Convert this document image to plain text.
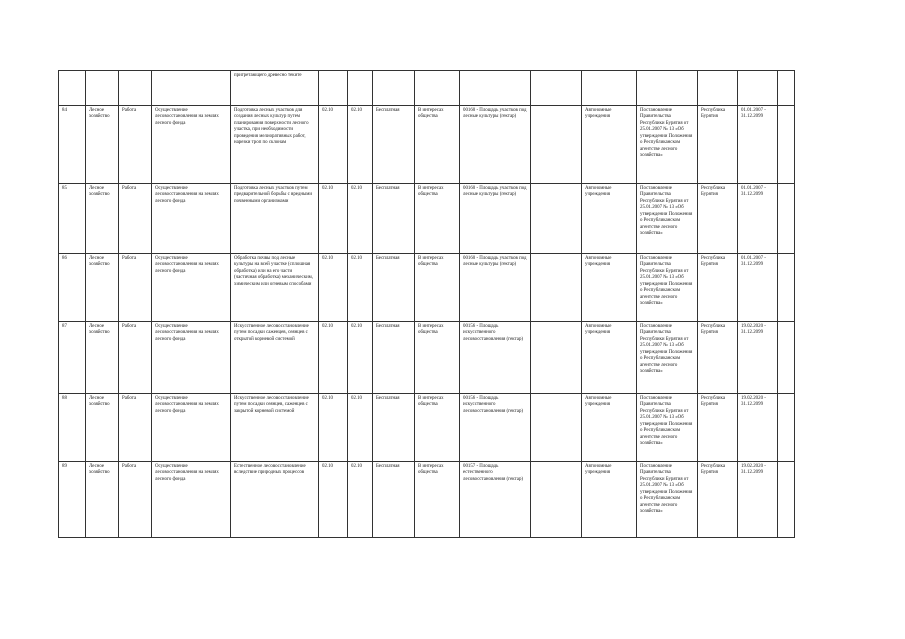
				пригретающего древесно теките											
84	Лесное хозяйство	Работа	Осуществление лесовосстановления на землях лесного фонда	Подготовка лесных участков для создания лесных культур путем планирования поверхности лесного участка, при необходимости проведения мелиоративных работ, нарезки троп по склонам	02.10	02.10	Бесплатная	В интересах общества	00160 - Площадь участков под лесные культуры (гектар)		Автономные учреждения	Постановление Правительства Республики Бурятия от 25.01.2007 № 13 «Об утверждении Положения о Республиканском агентстве лесного хозяйства»	Республика Бурятия	01.01.2007 - 31.12.2099	
85	Лесное хозяйство	Работа	Осуществление лесовосстановления на землях лесного фонда	Подготовка лесных участков путем предварительной борьбы с вредными почвенными организмами	02.10	02.10	Бесплатная	В интересах общества	00160 - Площадь участков под лесные культуры (гектар)		Автономные учреждения	Постановление Правительства Республики Бурятия от 25.01.2007 № 13 «Об утверждении Положения о Республиканском агентстве лесного хозяйства»	Республика Бурятия	01.01.2007 - 31.12.2099	
86	Лесное хозяйство	Работа	Осуществление лесовосстановления на землях лесного фонда	Обработка почвы под лесные культуры на всей участке (сплошная обработка) или на его части (частичная обработка) механическим, химическим или огневым способами	02.10	02.10	Бесплатная	В интересах общества	00160 - Площадь участков под лесные культуры (гектар)		Автономные учреждения	Постановление Правительства Республики Бурятия от 25.01.2007 № 13 «Об утверждении Положения о Республиканском агентстве лесного хозяйства»	Республика Бурятия	01.01.2007 - 31.12.2099	
87	Лесное хозяйство	Работа	Осуществление лесовосстановления на землях лесного фонда	Искусственное лесовосстановление путем посадки саженцев, сеянцев с открытой корневой системой	02.10	02.10	Бесплатная	В интересах общества	00156 - Площадь искусственного лесовосстановления (гектар)		Автономные учреждения	Постановление Правительства Республики Бурятия от 25.01.2007 № 13 «Об утверждении Положения о Республиканском агентстве лесного хозяйства»	Республика Бурятия	19.02.2020 - 31.12.2099	
88	Лесное хозяйство	Работа	Осуществление лесовосстановления на землях лесного фонда	Искусственное лесовосстановление путем посадки сеянцев, саженцев с закрытой корневой системой	02.10	02.10	Бесплатная	В интересах общества	00156 - Площадь искусственного лесовосстановления (гектар)		Автономные учреждения	Постановление Правительства Республики Бурятия от 25.01.2007 № 13 «Об утверждении Положения о Республиканском агентстве лесного хозяйства»	Республика Бурятия	19.02.2020 - 31.12.2099	
89	Лесное хозяйство	Работа	Осуществление лесовосстановления на землях лесного фонда	Естественное лесовосстановление вследствие природных процессов	02.10	02.10	Бесплатная	В интересах общества	00157 - Площадь естественного лесовосстановления (гектар)		Автономные учреждения	Постановление Правительства Республики Бурятия от 25.01.2007 № 13 «Об утверждении Положения о Республиканском агентстве лесного хозяйства»	Республика Бурятия	19.02.2020 - 31.12.2099	
